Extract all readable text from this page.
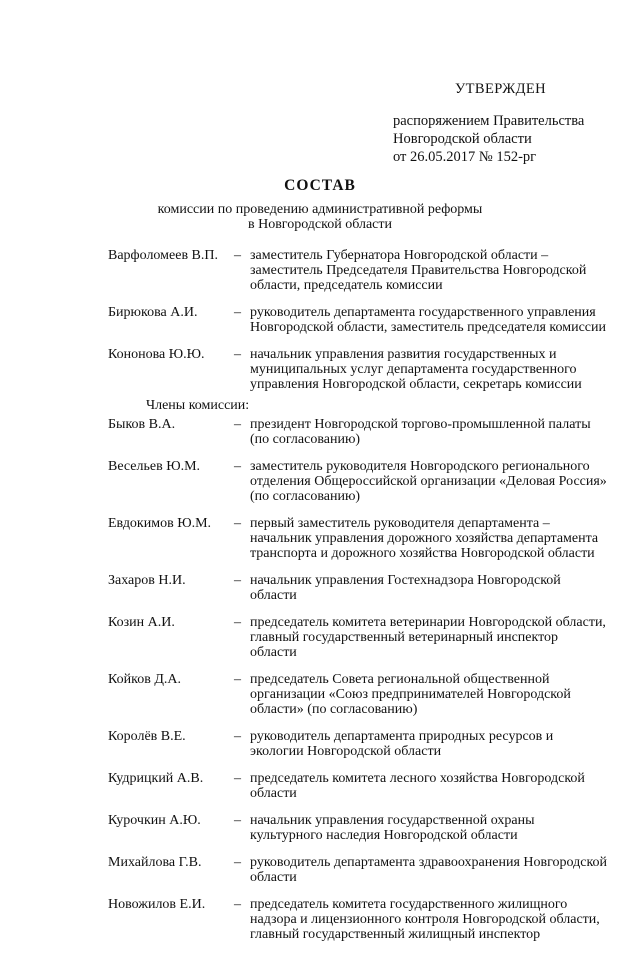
УТВЕРЖДЕН
распоряжением Правительства
Новгородской области
от 26.05.2017 № 152-рг
СОСТАВ
комиссии по проведению административной реформы
в Новгородской области
Варфоломеев В.П.	– заместитель Губернатора Новгородской области – заместитель Председателя Правительства Новгородской области, председатель комиссии
Бирюкова А.И.	– руководитель департамента государственного управления Новгородской области, заместитель председателя комиссии
Кононова Ю.Ю.	– начальник управления развития государственных и муниципальных услуг департамента государственного управления Новгородской области, секретарь комиссии
Члены комиссии:
Быков В.А.	– президент Новгородской торгово-промышленной палаты (по согласованию)
Весельев Ю.М.	– заместитель руководителя Новгородского регионального отделения Общероссийской организации «Деловая Россия» (по согласованию)
Евдокимов Ю.М.	– первый заместитель руководителя департамента – начальник управления дорожного хозяйства департамента транспорта и дорожного хозяйства Новгородской области
Захаров Н.И.	– начальник управления Гостехнадзора Новгородской области
Козин А.И.	– председатель комитета ветеринарии Новгородской области, главный государственный ветеринарный инспектор области
Койков Д.А.	– председатель Совета региональной общественной организации «Союз предпринимателей Новгородской области» (по согласованию)
Королёв В.Е.	– руководитель департамента природных ресурсов и экологии Новгородской области
Кудрицкий А.В.	– председатель комитета лесного хозяйства Новгородской области
Курочкин А.Ю.	– начальник управления государственной охраны культурного наследия Новгородской области
Михайлова Г.В.	– руководитель департамента здравоохранения Новгородской области
Новожилов Е.И.	– председатель комитета государственного жилищного надзора и лицензионного контроля Новгородской области, главный государственный жилищный инспектор
